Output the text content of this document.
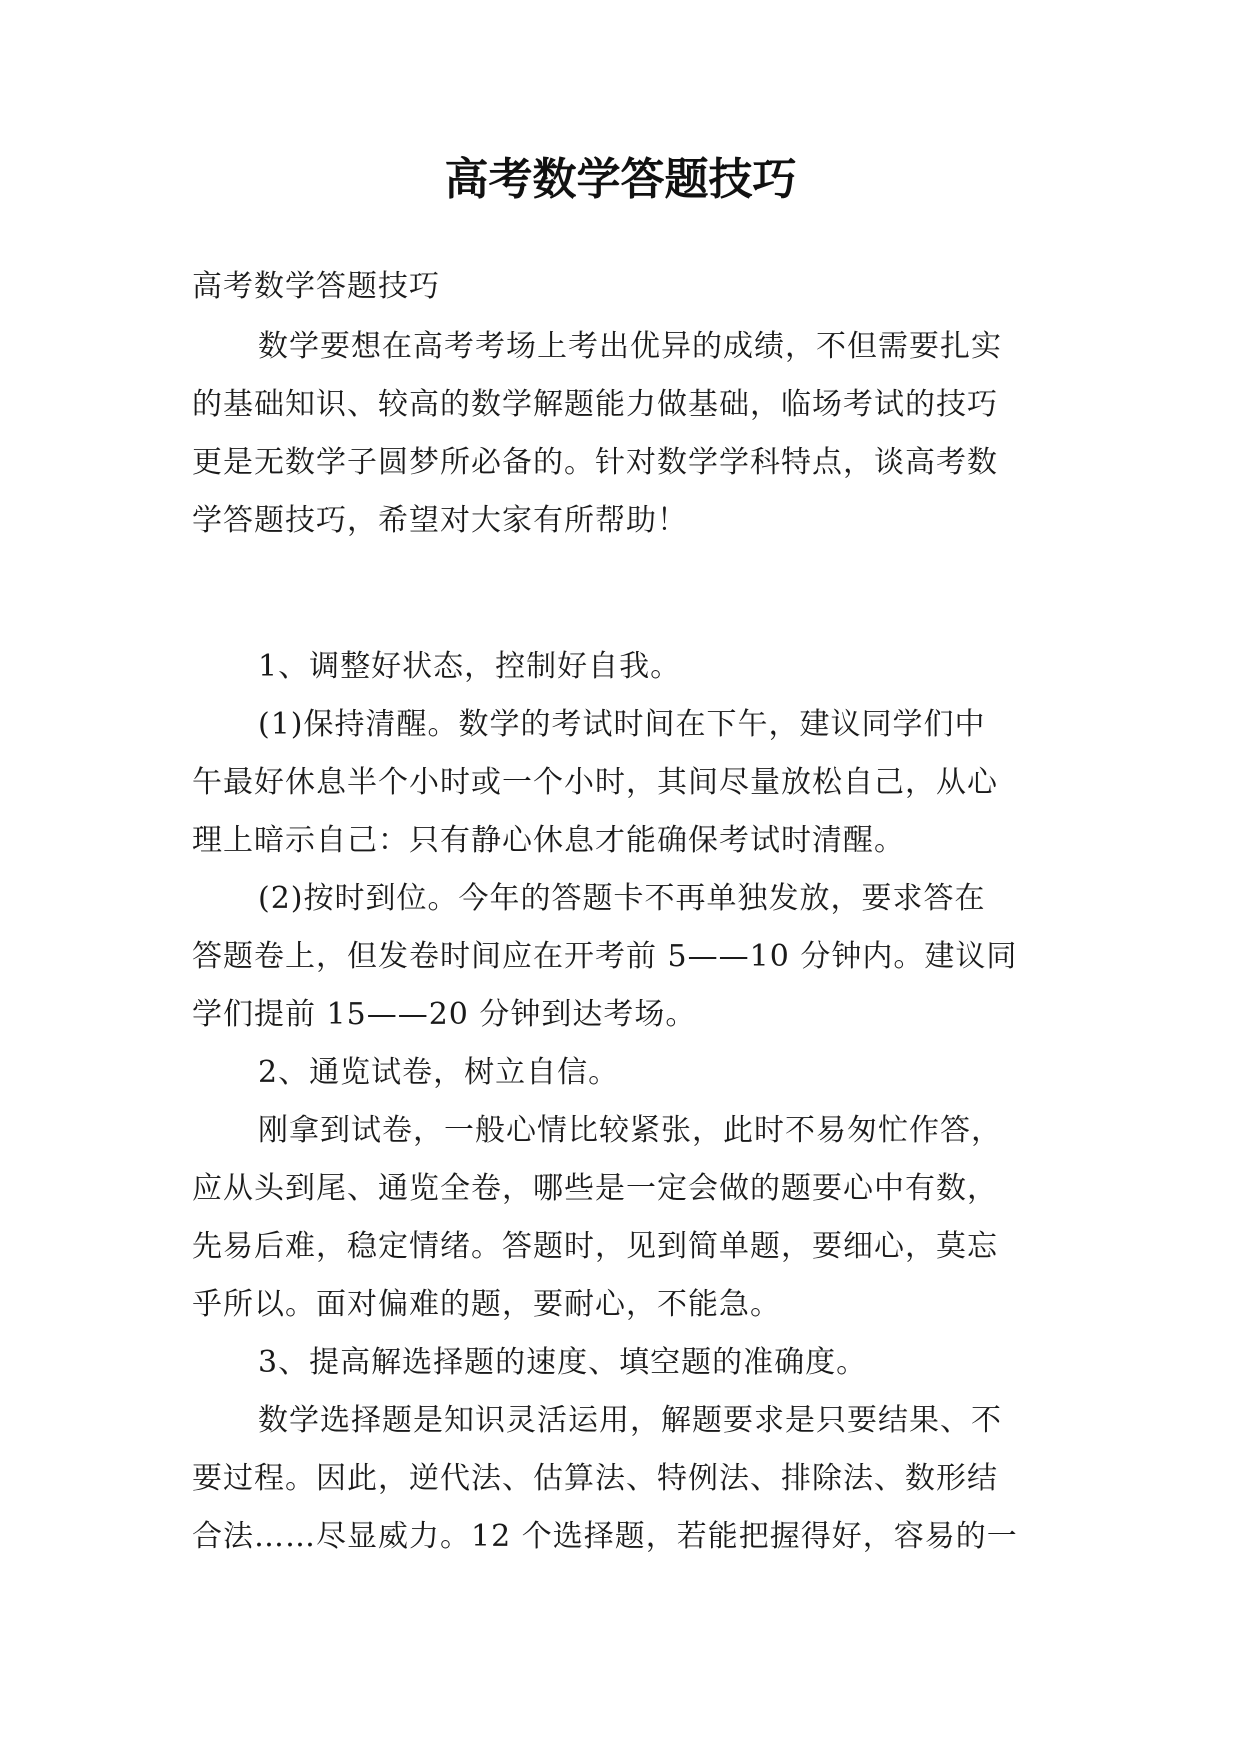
高考数学答题技巧
高考数学答题技巧
数学要想在高考考场上考出优异的成绩，不但需要扎实
的基础知识、较高的数学解题能力做基础，临场考试的技巧
更是无数学子圆梦所必备的。针对数学学科特点，谈高考数
学答题技巧，希望对大家有所帮助！
1、调整好状态，控制好自我。
(1)保持清醒。数学的考试时间在下午，建议同学们中
午最好休息半个小时或一个小时，其间尽量放松自己，从心
理上暗示自己：只有静心休息才能确保考试时清醒。
(2)按时到位。今年的答题卡不再单独发放，要求答在
答题卷上，但发卷时间应在开考前 5——10 分钟内。建议同
学们提前 15——20 分钟到达考场。
2、通览试卷，树立自信。
刚拿到试卷，一般心情比较紧张，此时不易匆忙作答，
应从头到尾、通览全卷，哪些是一定会做的题要心中有数，
先易后难，稳定情绪。答题时，见到简单题，要细心，莫忘
乎所以。面对偏难的题，要耐心，不能急。
3、提高解选择题的速度、填空题的准确度。
数学选择题是知识灵活运用，解题要求是只要结果、不
要过程。因此，逆代法、估算法、特例法、排除法、数形结
合法……尽显威力。12 个选择题，若能把握得好，容易的一
